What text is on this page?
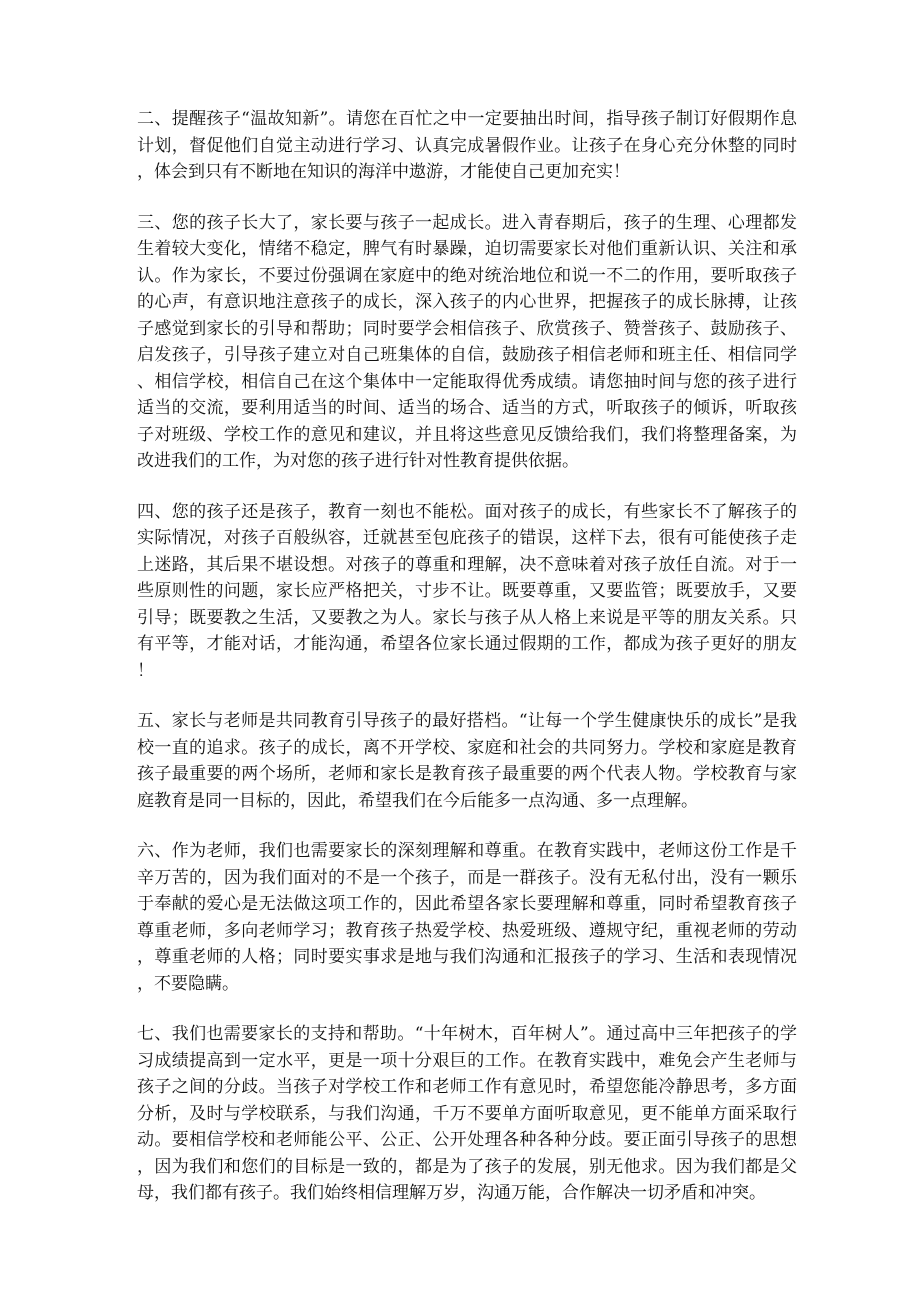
二、提醒孩子“温故知新”。请您在百忙之中一定要抽出时间，指导孩子制订好假期作息计划，督促他们自觉主动进行学习、认真完成暑假作业。让孩子在身心充分休整的同时，体会到只有不断地在知识的海洋中遨游，才能使自己更加充实！

三、您的孩子长大了，家长要与孩子一起成长。进入青春期后，孩子的生理、心理都发生着较大变化，情绪不稳定，脾气有时暴躁，迫切需要家长对他们重新认识、关注和承认。作为家长，不要过份强调在家庭中的绝对统治地位和说一不二的作用，要听取孩子的心声，有意识地注意孩子的成长，深入孩子的内心世界，把握孩子的成长脉搏，让孩子感觉到家长的引导和帮助；同时要学会相信孩子、欣赏孩子、赞誉孩子、鼓励孩子、启发孩子，引导孩子建立对自己班集体的自信，鼓励孩子相信老师和班主任、相信同学、相信学校，相信自己在这个集体中一定能取得优秀成绩。请您抽时间与您的孩子进行适当的交流，要利用适当的时间、适当的场合、适当的方式，听取孩子的倾诉，听取孩子对班级、学校工作的意见和建议，并且将这些意见反馈给我们，我们将整理备案，为改进我们的工作，为对您的孩子进行针对性教育提供依据。

四、您的孩子还是孩子，教育一刻也不能松。面对孩子的成长，有些家长不了解孩子的实际情况，对孩子百般纵容，迁就甚至包庇孩子的错误，这样下去，很有可能使孩子走上迷路，其后果不堪设想。对孩子的尊重和理解，决不意味着对孩子放任自流。对于一些原则性的问题，家长应严格把关，寸步不让。既要尊重，又要监管；既要放手，又要引导；既要教之生活，又要教之为人。家长与孩子从人格上来说是平等的朋友关系。只有平等，才能对话，才能沟通，希望各位家长通过假期的工作，都成为孩子更好的朋友！

五、家长与老师是共同教育引导孩子的最好搭档。“让每一个学生健康快乐的成长”是我校一直的追求。孩子的成长，离不开学校、家庭和社会的共同努力。学校和家庭是教育孩子最重要的两个场所，老师和家长是教育孩子最重要的两个代表人物。学校教育与家庭教育是同一目标的，因此，希望我们在今后能多一点沟通、多一点理解。

六、作为老师，我们也需要家长的深刻理解和尊重。在教育实践中，老师这份工作是千辛万苦的，因为我们面对的不是一个孩子，而是一群孩子。没有无私付出，没有一颗乐于奉献的爱心是无法做这项工作的，因此希望各家长要理解和尊重，同时希望教育孩子尊重老师，多向老师学习；教育孩子热爱学校、热爱班级、遵规守纪，重视老师的劳动，尊重老师的人格；同时要实事求是地与我们沟通和汇报孩子的学习、生活和表现情况，不要隐瞒。

七、我们也需要家长的支持和帮助。“十年树木，百年树人”。通过高中三年把孩子的学习成绩提高到一定水平，更是一项十分艰巨的工作。在教育实践中，难免会产生老师与孩子之间的分歧。当孩子对学校工作和老师工作有意见时，希望您能冷静思考，多方面分析，及时与学校联系，与我们沟通，千万不要单方面听取意见，更不能单方面采取行动。要相信学校和老师能公平、公正、公开处理各种各种分歧。要正面引导孩子的思想，因为我们和您们的目标是一致的，都是为了孩子的发展，别无他求。因为我们都是父母，我们都有孩子。我们始终相信理解万岁，沟通万能，合作解决一切矛盾和冲突。
